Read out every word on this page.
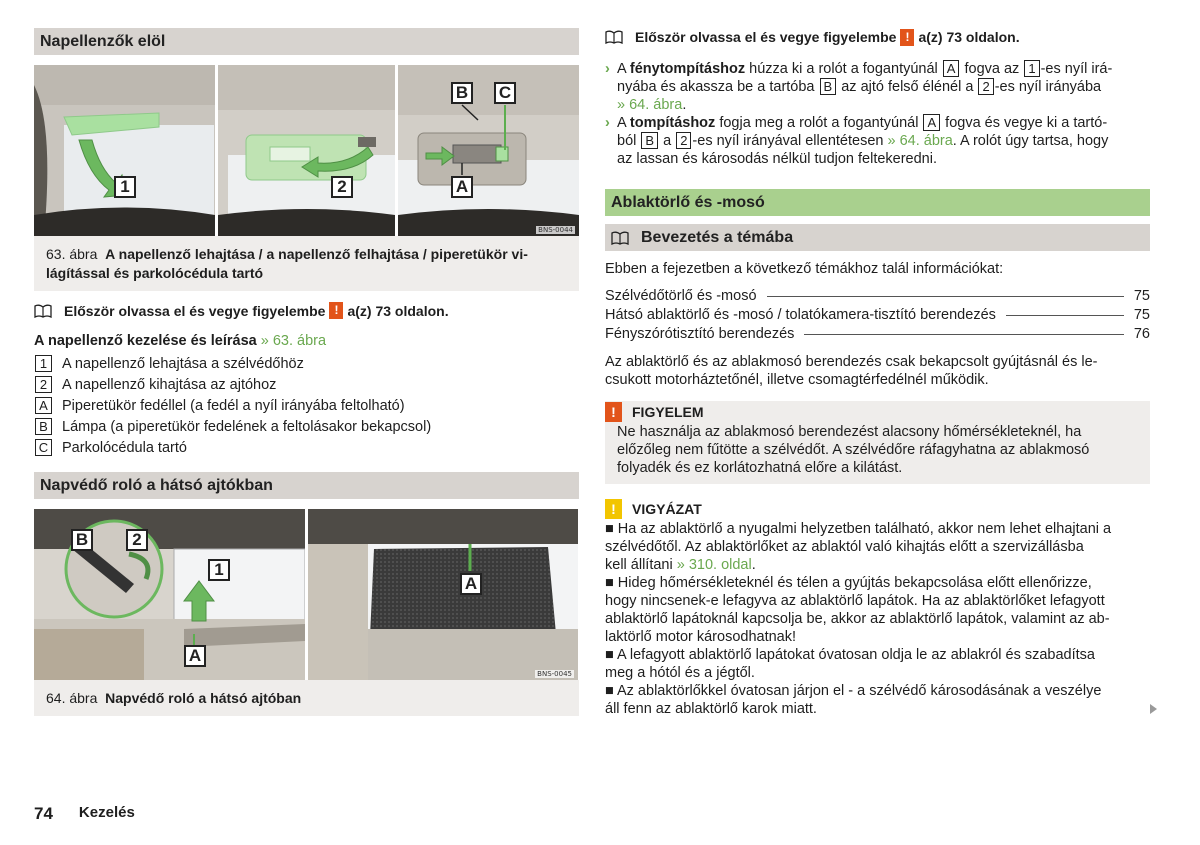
Napellenzők elöl
1	2
B C
A
BNS-0044
63. ábra A napellenző lehajtása / a napellenző felhajtása / piperetükör vi-lágítással és parkolócédula tartó
Először olvassa el és vegye figyelembe ! a(z) 73 oldalon.
A napellenző kezelése és leírása » 63. ábra
1	A napellenző lehajtása a szélvédőhöz
2	A napellenző kihajtása az ajtóhoz
A Piperetükör fedéllel (a fedél a nyíl irányába feltolható)
B Lámpa (a piperetükör fedelének a feltolásakor bekapcsol)
C Parkolócédula tartó
Napvédő roló a hátsó ajtókban
B	2
1
A
A
BNS-0045
64. ábra Napvédő roló a hátsó ajtóban
Először olvassa el és vegye figyelembe ! a(z) 73 oldalon.
› A fénytompításhoz húzza ki a rolót a fogantyúnál A fogva az 1 -es nyíl irá-
nyába és akassza be a tartóba B az ajtó felső élénél a 2 -es nyíl irányába
» 64. ábra.
› A tompításhoz fogja meg a rolót a fogantyúnál A fogva és vegye ki a tartó-
ból B a 2 -es nyíl irányával ellentétesen » 64. ábra. A rolót úgy tartsa, hogy
az lassan és károsodás nélkül tudjon feltekeredni.
Ablaktörlő és -mosó
Bevezetés a témába
Ebben a fejezetben a következő témákhoz talál információkat:
Szélvédőtörlő és -mosó	75
Hátsó ablaktörlő és -mosó / tolatókamera-tisztító berendezés	75
Fényszórótisztító berendezés	76
Az ablaktörlő és az ablakmosó berendezés csak bekapcsolt gyújtásnál és le-
csukott motorháztetőnél, illetve csomagtérfedélnél működik.
!	FIGYELEM
Ne használja az ablakmosó berendezést alacsony hőmérsékleteknél, ha
előzőleg nem fűtötte a szélvédőt. A szélvédőre ráfagyhatna az ablakmosó
folyadék és ez korlátozhatná előre a kilátást.
!	VIGYÁZAT
■ Ha az ablaktörlő a nyugalmi helyzetben található, akkor nem lehet elhajtani a
szélvédőtől. Az ablaktörlőket az ablaktól való kihajtás előtt a szervizállásba
kell állítani » 310. oldal.
■ Hideg hőmérsékleteknél és télen a gyújtás bekapcsolása előtt ellenőrizze,
hogy nincsenek-e lefagyva az ablaktörlő lapátok. Ha az ablaktörlőket lefagyott
ablaktörlő lapátoknál kapcsolja be, akkor az ablaktörlő lapátok, valamint az ab-
laktörlő motor károsodhatnak!
■ A lefagyott ablaktörlő lapátokat óvatosan oldja le az ablakról és szabadítsa
meg a hótól és a jégtől.
■ Az ablaktörlőkkel óvatosan járjon el - a szélvédő károsodásának a veszélye
áll fenn az ablaktörlő karok miatt.
74 Kezelés
